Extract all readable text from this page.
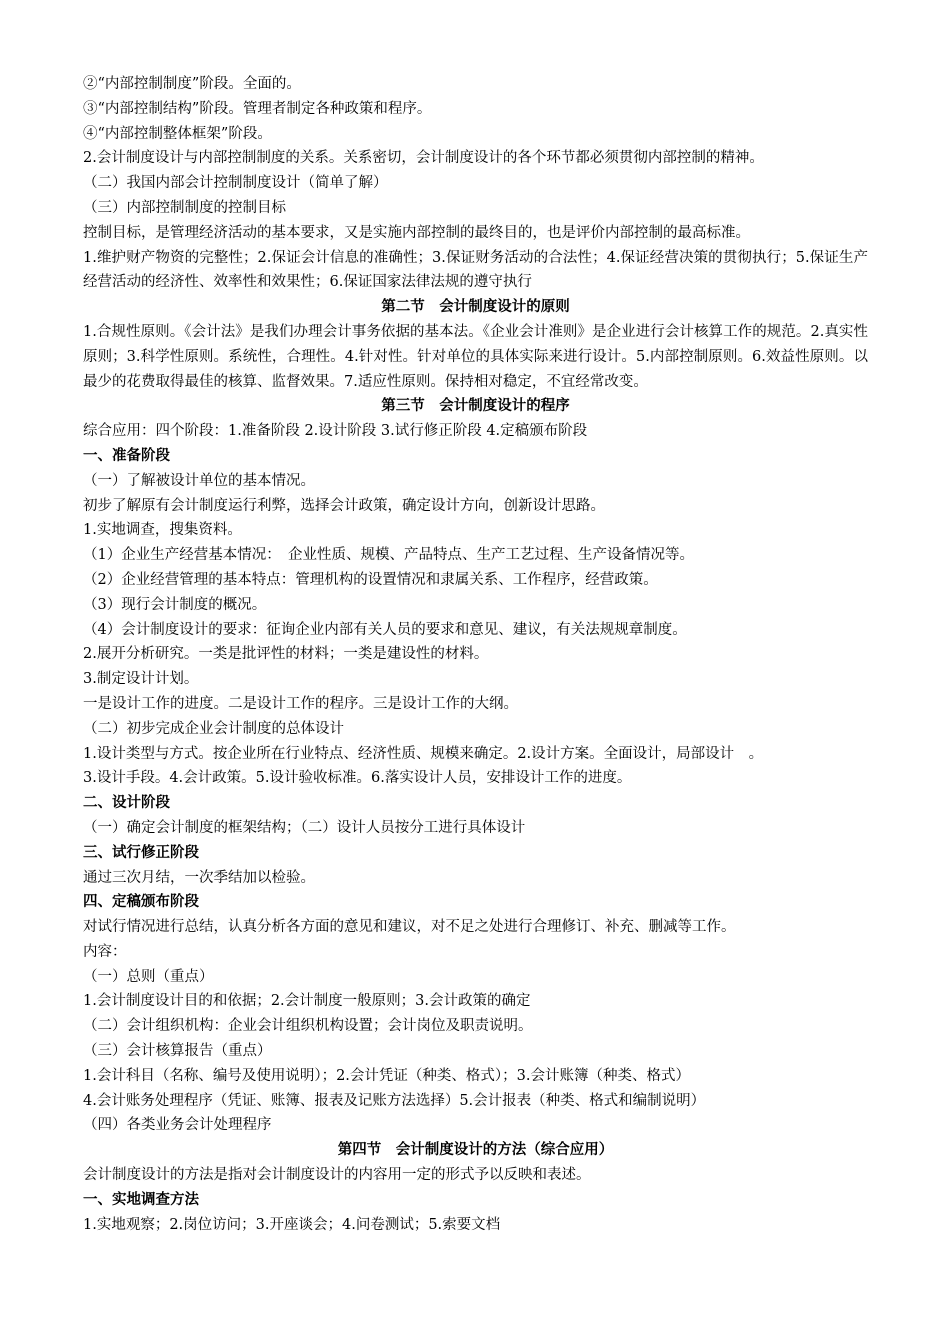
②“内部控制制度”阶段。全面的。

③“内部控制结构”阶段。管理者制定各种政策和程序。

④“内部控制整体框架”阶段。

2.会计制度设计与内部控制制度的关系。关系密切，会计制度设计的各个环节都必须贯彻内部控制的精神。

（二）我国内部会计控制制度设计（简单了解）

（三）内部控制制度的控制目标

控制目标，是管理经济活动的基本要求，又是实施内部控制的最终目的，也是评价内部控制的最高标准。

1.维护财产物资的完整性；2.保证会计信息的准确性；3.保证财务活动的合法性；4.保证经营决策的贯彻执行；5.保证生产经营活动的经济性、效率性和效果性；6.保证国家法律法规的遵守执行

第二节　会计制度设计的原则

1.合规性原则。《会计法》是我们办理会计事务依据的基本法。《企业会计准则》是企业进行会计核算工作的规范。2.真实性原则；3.科学性原则。系统性，合理性。4.针对性。针对单位的具体实际来进行设计。5.内部控制原则。6.效益性原则。以最少的花费取得最佳的核算、监督效果。7.适应性原则。保持相对稳定，不宜经常改变。

第三节　会计制度设计的程序

综合应用：四个阶段：1.准备阶段 2.设计阶段 3.试行修正阶段 4.定稿颁布阶段

一、准备阶段

（一）了解被设计单位的基本情况。

初步了解原有会计制度运行利弊，选择会计政策，确定设计方向，创新设计思路。

1.实地调查，搜集资料。

（1）企业生产经营基本情况：　企业性质、规模、产品特点、生产工艺过程、生产设备情况等。

（2）企业经营管理的基本特点：管理机构的设置情况和隶属关系、工作程序，经营政策。

（3）现行会计制度的概况。

（4）会计制度设计的要求：征询企业内部有关人员的要求和意见、建议，有关法规规章制度。

2.展开分析研究。一类是批评性的材料；一类是建设性的材料。

3.制定设计计划。

一是设计工作的进度。二是设计工作的程序。三是设计工作的大纲。

（二）初步完成企业会计制度的总体设计

1.设计类型与方式。按企业所在行业特点、经济性质、规模来确定。2.设计方案。全面设计，局部设计　。

3.设计手段。4.会计政策。5.设计验收标准。6.落实设计人员，安排设计工作的进度。

二、设计阶段

（一）确定会计制度的框架结构；（二）设计人员按分工进行具体设计

三、试行修正阶段

通过三次月结，一次季结加以检验。

四、定稿颁布阶段

对试行情况进行总结，认真分析各方面的意见和建议，对不足之处进行合理修订、补充、删减等工作。

内容：

（一）总则（重点）

1.会计制度设计目的和依据；2.会计制度一般原则；3.会计政策的确定

（二）会计组织机构：企业会计组织机构设置；会计岗位及职责说明。

（三）会计核算报告（重点）

1.会计科目（名称、编号及使用说明）；2.会计凭证（种类、格式）；3.会计账簿（种类、格式）

4.会计账务处理程序（凭证、账簿、报表及记账方法选择）5.会计报表（种类、格式和编制说明）

（四）各类业务会计处理程序

第四节　会计制度设计的方法（综合应用）

会计制度设计的方法是指对会计制度设计的内容用一定的形式予以反映和表述。

一、实地调查方法

1.实地观察；2.岗位访问；3.开座谈会；4.问卷测试；5.索要文档
